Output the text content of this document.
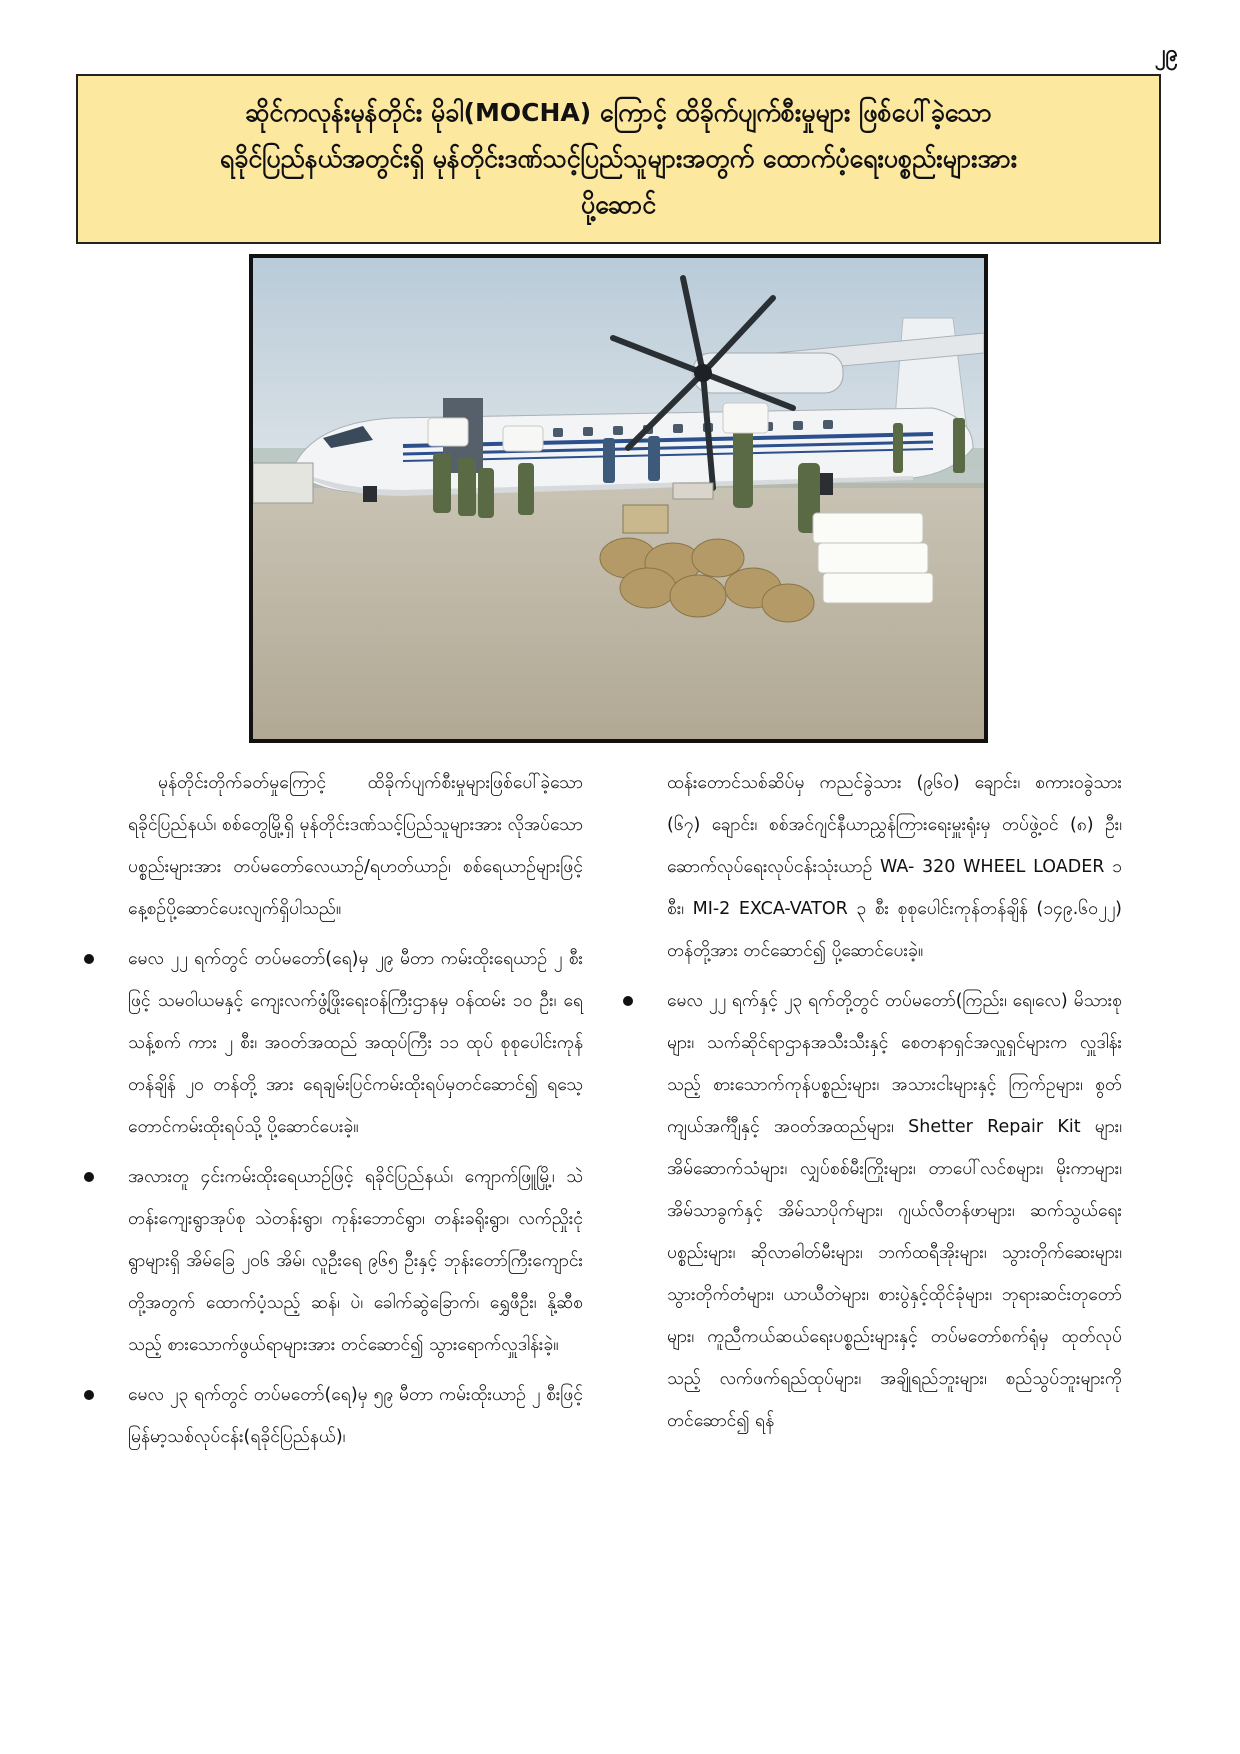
၂၉
ဆိုင်ကလုန်းမုန်တိုင်း မိုခါ(MOCHA) ကြောင့် ထိခိုက်ပျက်စီးမှုများ ဖြစ်ပေါ်ခဲ့သော
ရခိုင်ပြည်နယ်အတွင်းရှိ မုန်တိုင်းဒဏ်သင့်ပြည်သူများအတွက် ထောက်ပံ့ရေးပစ္စည်းများအား
ပို့ဆောင်

မုန်တိုင်းတိုက်ခတ်မှုကြောင့် ထိခိုက်ပျက်စီးမှုများဖြစ်ပေါ်ခဲ့သော ရခိုင်ပြည်နယ်၊ စစ်တွေမြို့ရှိ မုန်တိုင်းဒဏ်သင့်ပြည်သူများအား လိုအပ်သောပစ္စည်းများအား တပ်မတော်လေယာဉ်/ရဟတ်ယာဉ်၊ စစ်ရေယာဉ်များဖြင့် နေ့စဉ်ပို့ဆောင်ပေးလျက်ရှိပါသည်။

မေလ ၂၂ ရက်တွင် တပ်မတော်(ရေ)မှ ၂၉ မီတာ ကမ်းထိုးရေယာဉ် ၂ စီးဖြင့် သမဝါယမနှင့် ကျေးလက်ဖွံ့ဖြိုးရေးဝန်ကြီးဌာနမှ ဝန်ထမ်း ၁၀ ဦး၊ ရေသန့်စက် ကား ၂ စီး၊ အဝတ်အထည် အထုပ်ကြီး ၁၁ ထုပ် စုစုပေါင်းကုန်တန်ချိန် ၂၀ တန်တို့ အား ရေချမ်းပြင်ကမ်းထိုးရပ်မှတင်ဆောင်၍ ရသေ့တောင်ကမ်းထိုးရပ်သို့ ပို့ဆောင်ပေးခဲ့။
အလားတူ ၄င်းကမ်းထိုးရေယာဉ်ဖြင့် ရခိုင်ပြည်နယ်၊ ကျောက်ဖြူမြို့၊ သဲတန်းကျေးရွာအုပ်စု သဲတန်းရွာ၊ ကုန်းဘောင်ရွာ၊ တန်းခရိုးရွာ၊ လက်ညှိုးငုံရွာများရှိ အိမ်ခြေ ၂၀၆ အိမ်၊ လူဦးရေ ၉၆၅ ဦးနှင့် ဘုန်းတော်ကြီးကျောင်းတို့အတွက် ထောက်ပံ့သည့် ဆန်၊ ပဲ၊ ခေါက်ဆွဲခြောက်၊ ရွှေဖီဦး၊ နို့ဆီစသည့် စားသောက်ဖွယ်ရာများအား တင်ဆောင်၍ သွားရောက်လှူဒါန်းခဲ့။
မေလ ၂၃ ရက်တွင် တပ်မတော်(ရေ)မှ ၅၉ မီတာ ကမ်းထိုးယာဉ် ၂ စီးဖြင့် မြန်မာ့သစ်လုပ်ငန်း(ရခိုင်ပြည်နယ်)၊

ထန်းတောင်သစ်ဆိပ်မှ ကညင်ခွဲသား (၉၆၀) ချောင်း၊ စကားဝခွဲသား (၆၇) ချောင်း၊ စစ်အင်ဂျင်နီယာညွှန်ကြားရေးမှူးရုံးမှ တပ်ဖွဲ့ဝင် (၈) ဦး၊ ဆောက်လုပ်ရေးလုပ်ငန်းသုံးယာဉ် WA- 320 WHEEL LOADER ၁ စီး၊ MI-2 EXCA-VATOR ၃ စီး စုစုပေါင်းကုန်တန်ချိန် (၁၄၉.၆၀၂၂) တန်တို့အား တင်ဆောင်၍ ပို့ဆောင်ပေးခဲ့။

မေလ ၂၂ ရက်နှင့် ၂၃ ရက်တို့တွင် တပ်မတော်(ကြည်း၊ ရေ၊လေ) မိသားစုများ၊ သက်ဆိုင်ရာဌာနအသီးသီးနှင့် စေတနာရှင်အလှူရှင်များက လှူဒါန်းသည့် စားသောက်ကုန်ပစ္စည်းများ၊ အသားငါးများနှင့် ကြက်ဥများ၊ စွတ်ကျယ်အင်္ကျီနှင့် အဝတ်အထည်များ၊ Shetter Repair Kit များ၊ အိမ်ဆောက်သံများ၊ လျှပ်စစ်မီးကြိုးများ၊ တာပေါ်လင်စများ၊ မိုးကာများ၊ အိမ်သာခွက်နှင့် အိမ်သာပိုက်များ၊ ဂျယ်လီတန်ဖာများ၊ ဆက်သွယ်ရေးပစ္စည်းများ၊ ဆိုလာဓါတ်မီးများ၊ ဘက်ထရီအိုးများ၊ သွားတိုက်ဆေးများ၊ သွားတိုက်တံများ၊ ယာယီတဲများ၊ စားပွဲနှင့်ထိုင်ခုံများ၊ ဘုရားဆင်းတုတော်များ၊ ကူညီကယ်ဆယ်ရေးပစ္စည်းများနှင့် တပ်မတော်စက်ရုံမှ ထုတ်လုပ်သည့် လက်ဖက်ရည်ထုပ်များ၊ အချိုရည်ဘူးများ၊ စည်သွပ်ဘူးများကို တင်ဆောင်၍ ရန်
